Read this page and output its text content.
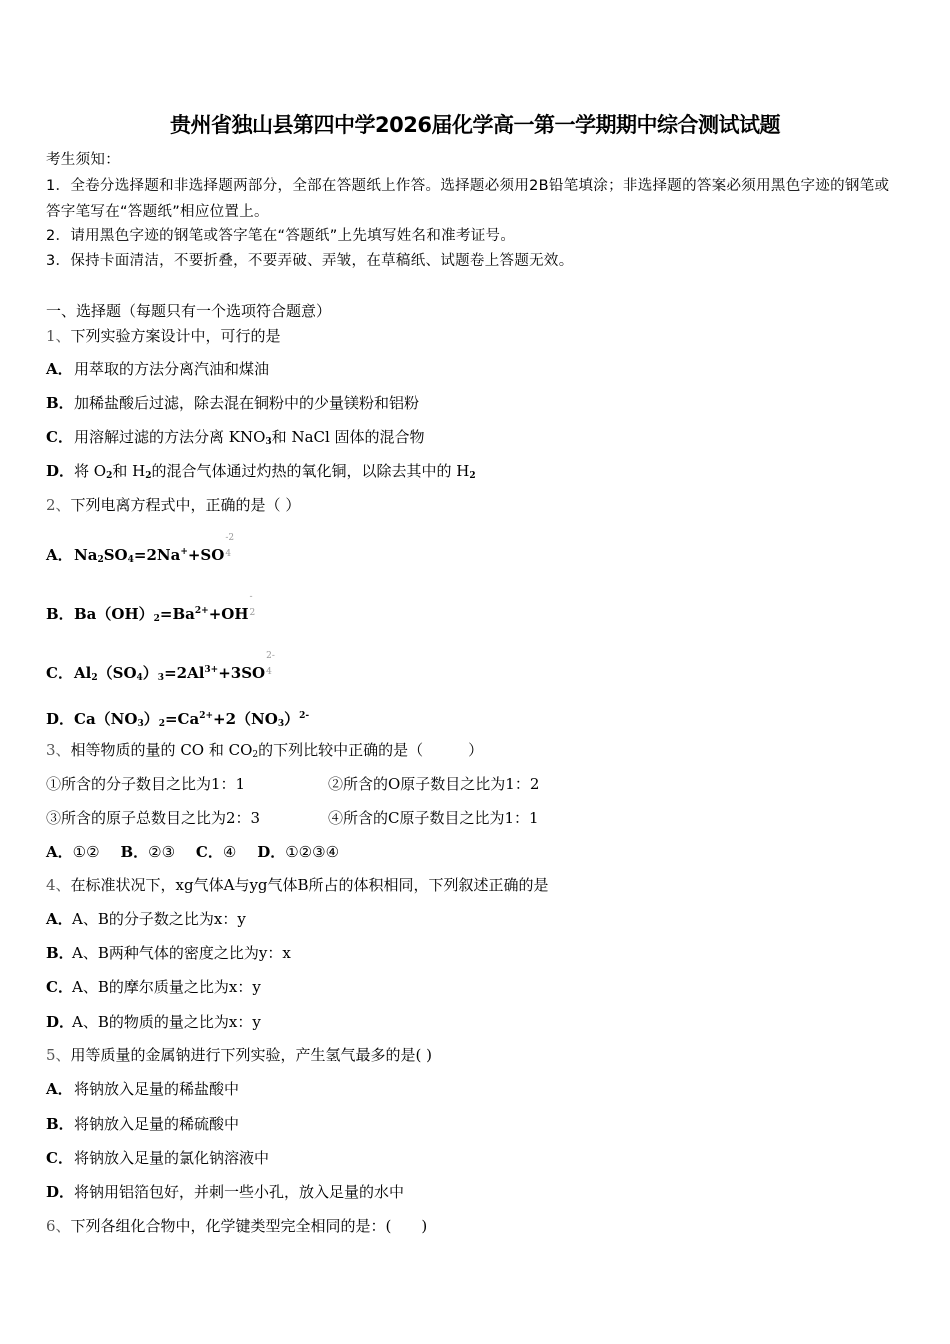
贵州省独山县第四中学2026届化学高一第一学期期中综合测试试题
考生须知：
1．全卷分选择题和非选择题两部分，全部在答题纸上作答。选择题必须用2B铅笔填涂；非选择题的答案必须用黑色字迹的钢笔或答字笔写在“答题纸”相应位置上。
2．请用黑色字迹的钢笔或答字笔在“答题纸”上先填写姓名和准考证号。
3．保持卡面清洁，不要折叠，不要弄破、弄皱，在草稿纸、试题卷上答题无效。
一、选择题（每题只有一个选项符合题意）
1、下列实验方案设计中，可行的是
A．用萃取的方法分离汽油和煤油
B．加稀盐酸后过滤，除去混在铜粉中的少量镁粉和铝粉
C．用溶解过滤的方法分离 $KNO_3$和 NaCl 固体的混合物
D．将 $O_2$和 $H_2$的混合气体通过灼热的氧化铜，以除去其中的 $H_2$
2、下列电离方程式中，正确的是（ ）
A．$Na_2SO_4=2Na^++SO$
-2
4
B．$Ba(OH)_2=Ba^{2+}+OH$
-
2
C．$Al_2(SO_4)_3=2Al^{3+}+3SO$
2-
4
D．$Ca(NO_3)_2=Ca^{2+}+2(NO_3)^{2-}$
3、相等物质的量的 CO 和 $CO_2$的下列比较中正确的是（　　　）
①所含的分子数目之比为1：1	②所含的O原子数目之比为1：2
③所含的原子总数目之比为2：3	④所含的C原子数目之比为1：1
A．①② B．②③ C．④ D．①②③④
4、在标准状况下，xg气体A与yg气体B所占的体积相同，下列叙述正确的是
A．A、B的分子数之比为x：y
B．A、B两种气体的密度之比为y：x
C．A、B的摩尔质量之比为x：y
D．A、B的物质的量之比为x：y
5、用等质量的金属钠进行下列实验，产生氢气最多的是( )
A．将钠放入足量的稀盐酸中
B．将钠放入足量的稀硫酸中
C．将钠放入足量的氯化钠溶液中
D．将钠用铝箔包好，并刺一些小孔，放入足量的水中
6、下列各组化合物中，化学键类型完全相同的是：(　　)
